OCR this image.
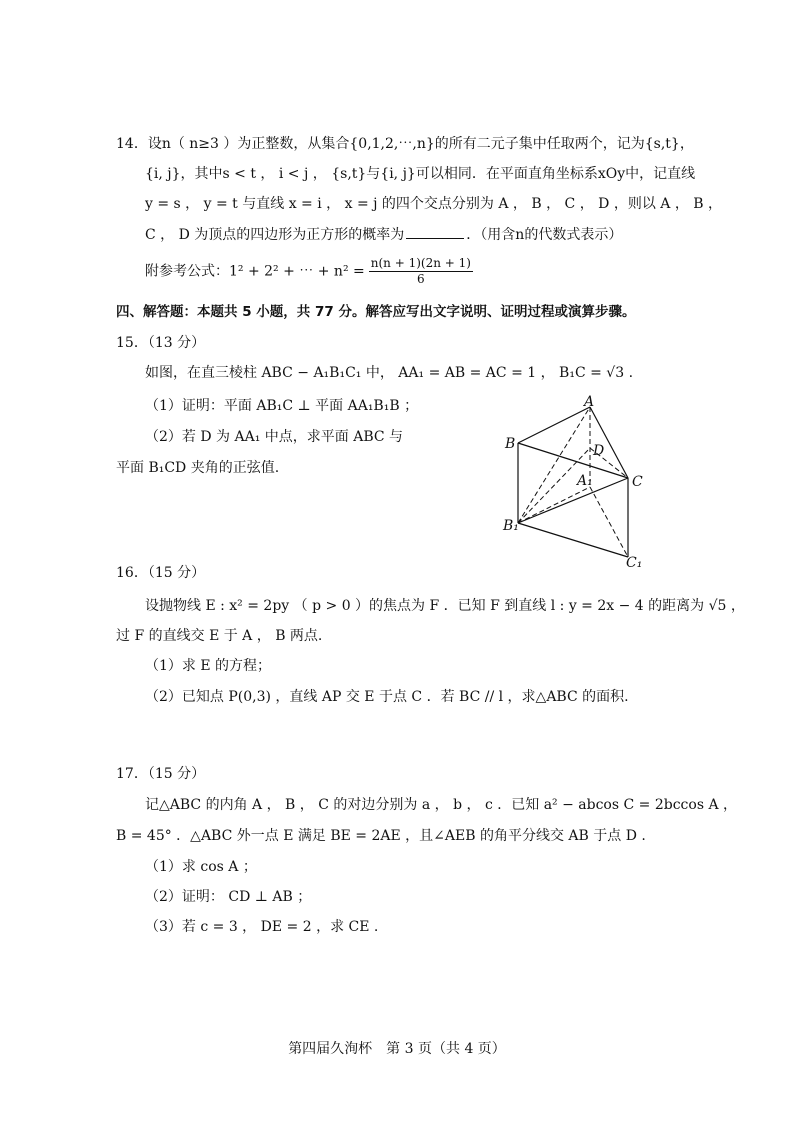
14．设n（ n≥3 ）为正整数，从集合{0,1,2,⋯,n}的所有二元子集中任取两个，记为{s,t}，
{i, j}，其中s < t ， i < j ， {s,t}与{i, j}可以相同．在平面直角坐标系xOy中，记直线
y = s ， y = t 与直线 x = i ， x = j 的四个交点分别为 A ， B ， C ， D ，则以 A ， B ，
C ， D 为顶点的四边形为正方形的概率为	．（用含n的代数式表示）
附参考公式：1² + 2² + ⋯ + $n^2 = \frac{n(n + 1)(2n + 1)}{6}$
四、解答题：本题共 5 小题，共 77 分。解答应写出文字说明、证明过程或演算步骤。
15．（13 分）
如图，在直三棱柱 ABC − A₁B₁C₁ 中， AA₁ = AB = AC = 1 ， B₁C = √3 .
（1）证明：平面 AB₁C ⊥ 平面 AA₁B₁B ；
（2）若 D 为 AA₁ 中点，求平面 ABC 与
平面 B₁CD 夹角的正弦值.
A
B
C
D
A₁
B₁
C₁
16．（15 分）
设抛物线 E : x² = 2py （ p > 0 ）的焦点为 F ．已知 F 到直线 l : y = 2x − 4 的距离为 √5 ，
过 F 的直线交 E 于 A ， B 两点.
（1）求 E 的方程；
（2）已知点 P(0,3) ，直线 AP 交 E 于点 C ．若 BC // l ，求△ABC 的面积.
17．（15 分）
记△ABC 的内角 A ， B ， C 的对边分别为 a ， b ， c ．已知 a² − abcos C = 2bccos A ，
B = 45° ．△ABC 外一点 E 满足 BE = 2AE ，且∠AEB 的角平分线交 AB 于点 D .
（1）求 cos A ；
（2）证明： CD ⊥ AB ；
（3）若 c = 3 ， DE = 2 ，求 CE .
第四届久洵杯　第 3 页（共 4 页）
